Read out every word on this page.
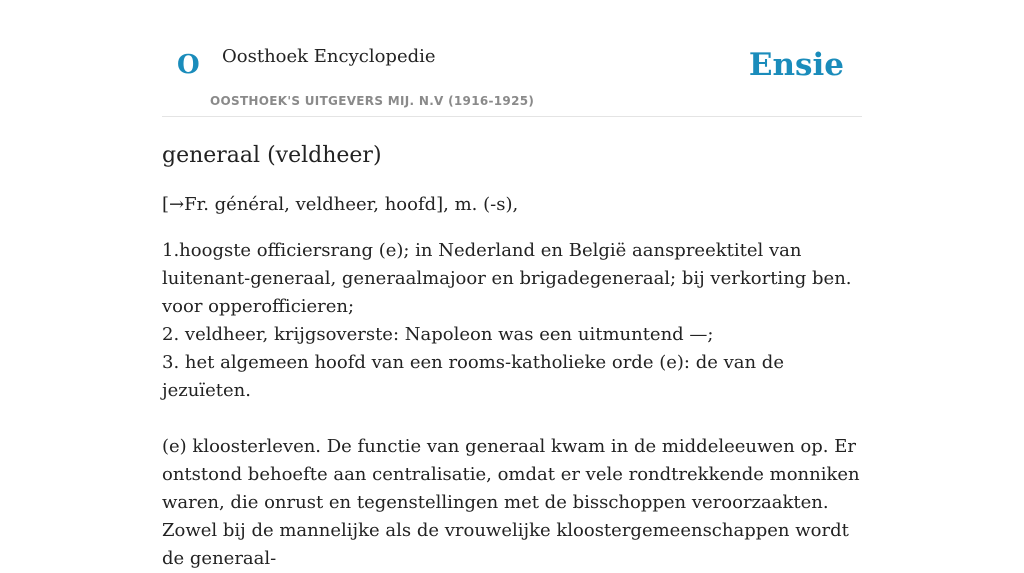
O Oosthoek Encyclopedie
OOSTHOEK'S UITGEVERS MIJ. N.V (1916-1925)
Ensie
generaal (veldheer)

[→Fr. général, veldheer, hoofd], m. (-s),

1.hoogste officiersrang (e); in Nederland en België aanspreektitel van luitenant-generaal, generaalmajoor en brigadegeneraal; bij verkorting ben. voor opperofficieren;
2. veldheer, krijgsoverste: Napoleon was een uitmuntend —;
3. het algemeen hoofd van een rooms-katholieke orde (e): de van de jezuïeten.

(e) kloosterleven. De functie van generaal kwam in de middeleeuwen op. Er ontstond behoefte aan centralisatie, omdat er vele rondtrekkende monniken waren, die onrust en tegenstellingen met de bisschoppen veroorzaakten. Zowel bij de mannelijke als de vrouwelijke kloostergemeenschappen wordt de generaal-
